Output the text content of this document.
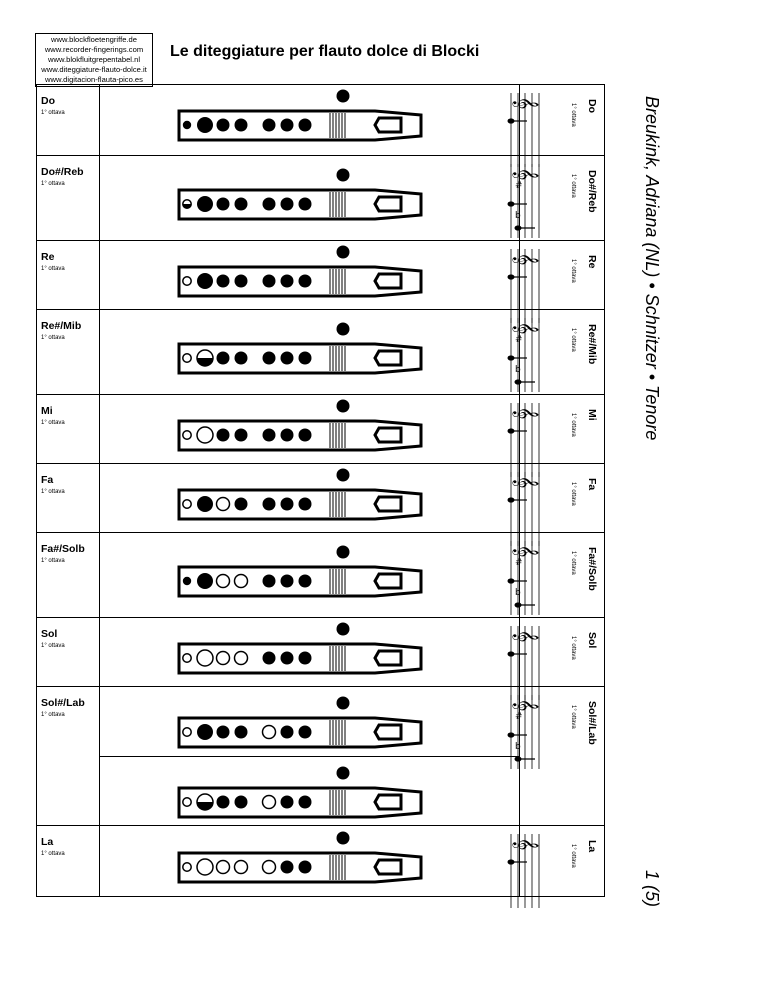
www.blockfloetengriffe.de
www.recorder-fingerings.com
www.blokfluitgrepentabel.nl
www.diteggiature-flauto-dolce.it
www.digitacion-flauta-pico.es
Le diteggiature per flauto dolce di Blocki
Breukink, Adriana (NL) • Schnitzer • Tenore
1 (5)
Do
1° ottava
𝄞	Do
1° ottava
Do#/Reb
1° ottava
𝄞
#
b
Do#/Reb
1° ottava
Re
1° ottava
𝄞	Re
1° ottava
Re#/Mib
1° ottava
𝄞
#
b
Re#/Mib
1° ottava
Mi
1° ottava
𝄞	Mi
1° ottava
Fa
1° ottava
𝄞	Fa
1° ottava
Fa#/Solb
1° ottava
𝄞
#
b
Fa#/Solb
1° ottava
Sol
1° ottava
𝄞	Sol
1° ottava
Sol#/Lab
1° ottava
𝄞
#
b
Sol#/Lab
1° ottava
La
1° ottava
𝄞	La
1° ottava
